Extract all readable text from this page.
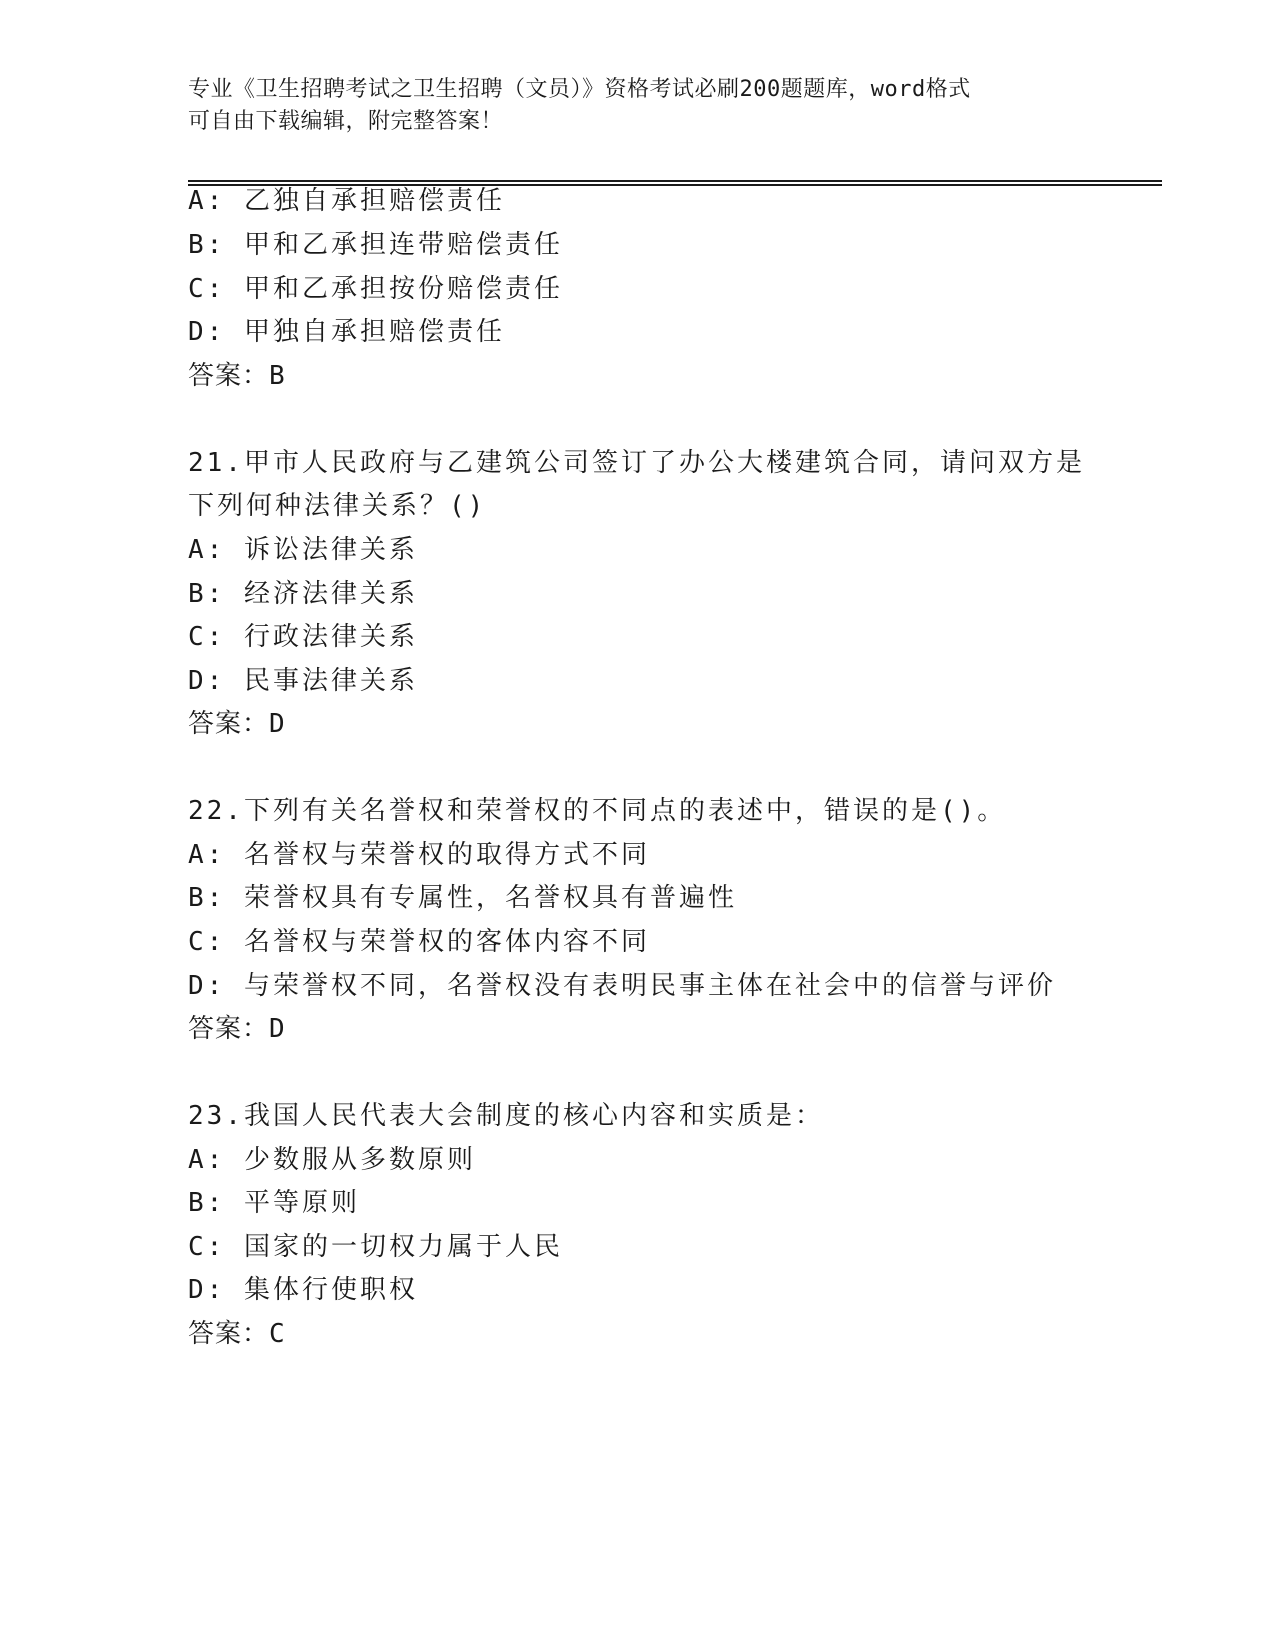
专业《卫生招聘考试之卫生招聘（文员）》资格考试必刷200题题库，word格式
可自由下载编辑，附完整答案！
A: 乙独自承担赔偿责任
B: 甲和乙承担连带赔偿责任
C: 甲和乙承担按份赔偿责任
D: 甲独自承担赔偿责任
答案：B
21.甲市人民政府与乙建筑公司签订了办公大楼建筑合同，请问双方是
下列何种法律关系？()
A: 诉讼法律关系
B: 经济法律关系
C: 行政法律关系
D: 民事法律关系
答案：D
22.下列有关名誉权和荣誉权的不同点的表述中，错误的是()。
A: 名誉权与荣誉权的取得方式不同
B: 荣誉权具有专属性，名誉权具有普遍性
C: 名誉权与荣誉权的客体内容不同
D: 与荣誉权不同，名誉权没有表明民事主体在社会中的信誉与评价
答案：D
23.我国人民代表大会制度的核心内容和实质是：
A: 少数服从多数原则
B: 平等原则
C: 国家的一切权力属于人民
D: 集体行使职权
答案：C
